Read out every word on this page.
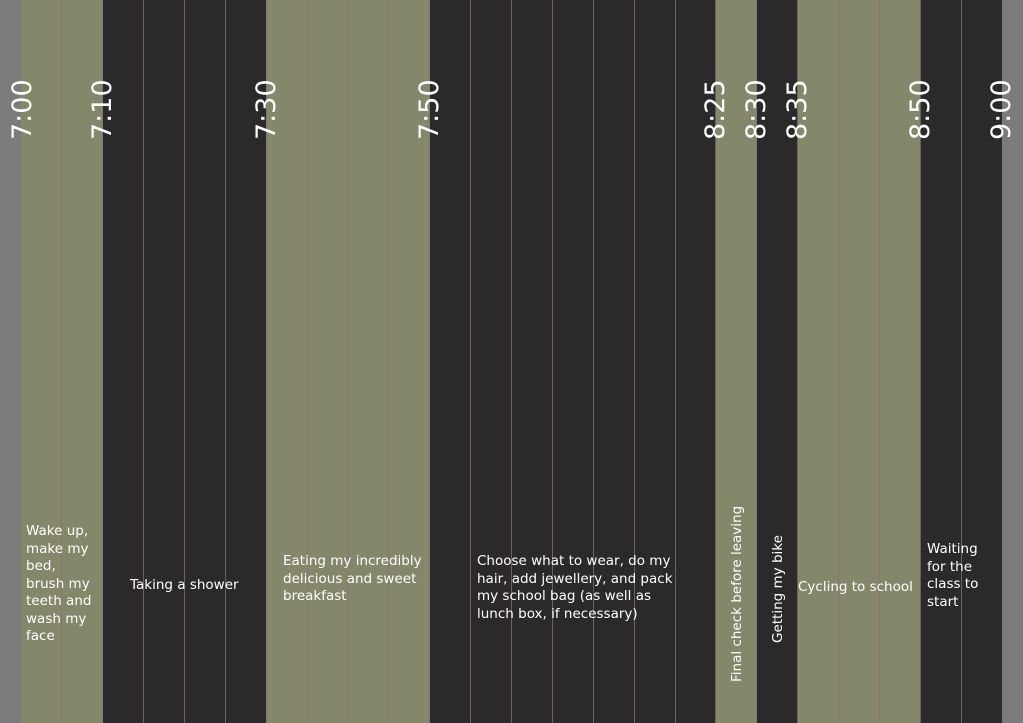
7:00 7:10	7:30	7:50	8:25 8:30 8:35	8:50 9:00
Wake up, make my bed, brush my teeth and wash my face
Taking a shower
Eating my incredibly delicious and sweet breakfast
Choose what to wear, do my hair, add jewellery, and pack my school bag (as well as lunch box, if necessary)	Final check before leaving Getting my bike Cycling to school
Waiting for the class to start
